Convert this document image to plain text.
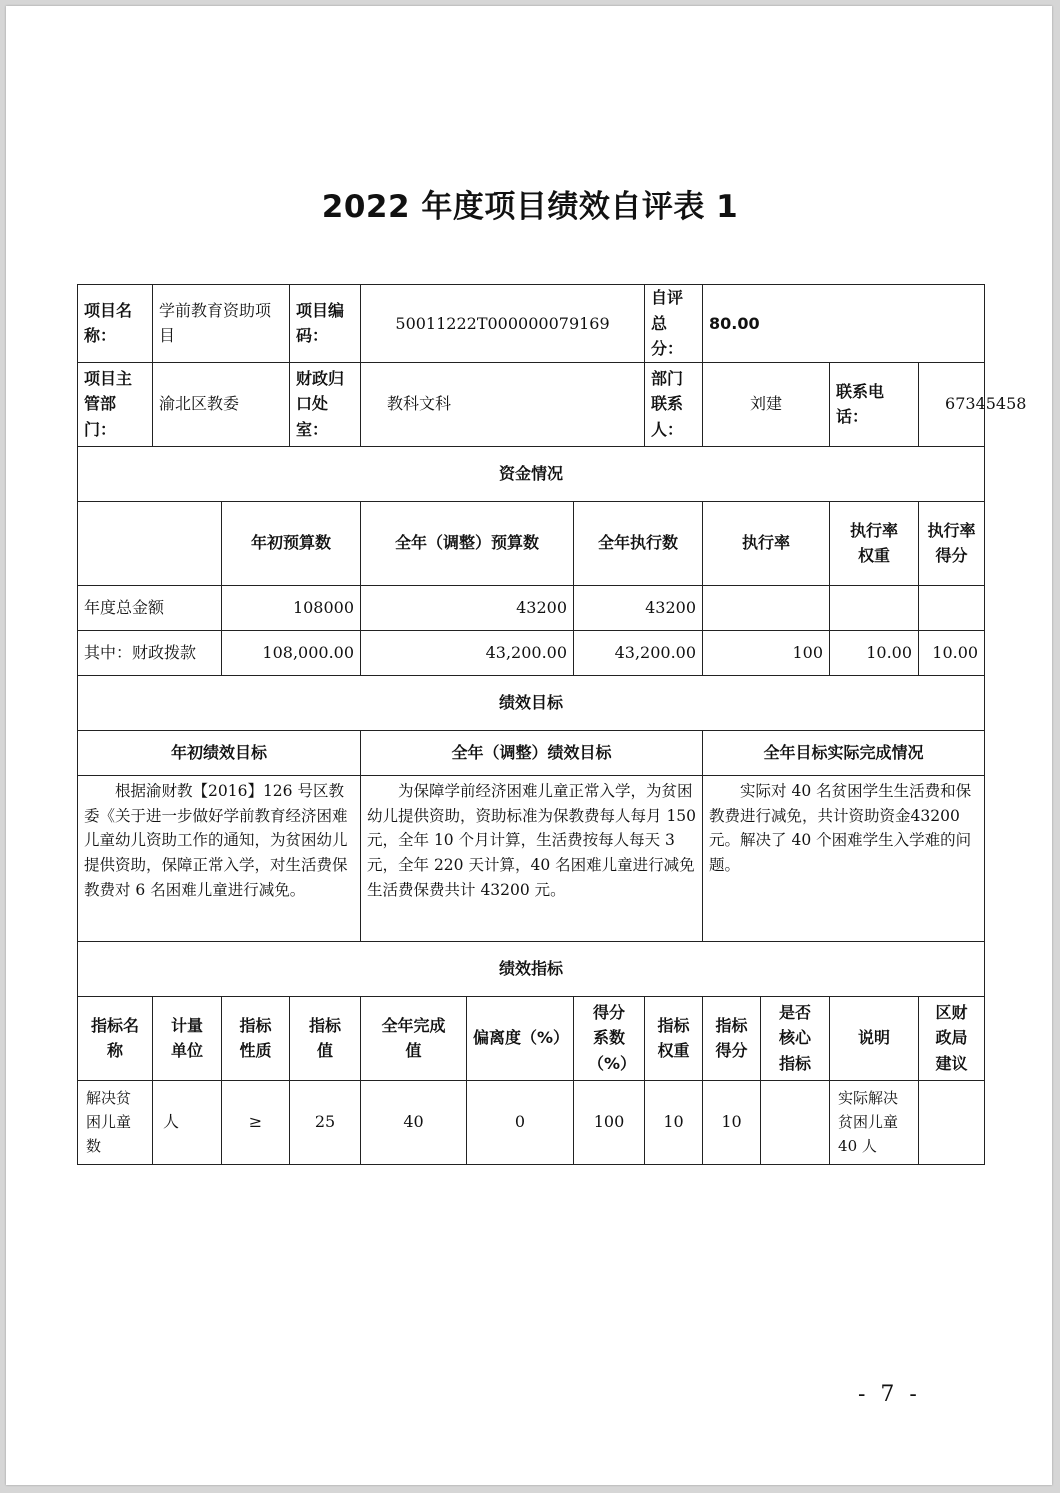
2022 年度项目绩效自评表 1
项目名称：	学前教育资助项目		项目编码：	50011222T000000079169			自评总分：	80.00			
项目主管部门：	渝北区教委		财政归口处室：	教科文科			部门联系人：	刘建		联系电话：	67345458
资金情况											
		年初预算数		全年（调整）预算数		全年执行数		执行率		执行率权重	执行率得分
年度总金额		108000		43200		43200					
其中：财政拨款		108,000.00		43,200.00		43,200.00		100		10.00	10.00
绩效目标											
年初绩效目标				全年（调整）绩效目标				全年目标实际完成情况			
根据渝财教【2016】126 号区教委《关于进一步做好学前教育经济困难儿童幼儿资助工作的通知，为贫困幼儿提供资助，保障正常入学，对生活费保教费对 6 名困难儿童进行减免。				为保障学前经济困难儿童正常入学，为贫困幼儿提供资助，资助标准为保教费每人每月 150 元，全年 10 个月计算，生活费按每人每天 3 元，全年 220 天计算，40 名困难儿童进行减免生活费保费共计 43200 元。				实际对 40 名贫困学生生活费和保教费进行减免，共计资助资金43200 元。解决了 40 个困难学生入学难的问题。			
绩效指标											
指标名称	计量单位	指标性质	指标值	全年完成值	偏离度（%）	得分系数（%）	指标权重	指标得分	是否核心指标	说明	区财政局建议
解决贫困儿童数	人	≥	25	40	0	100	10	10		实际解决贫困儿童 40 人	
- 7 -
